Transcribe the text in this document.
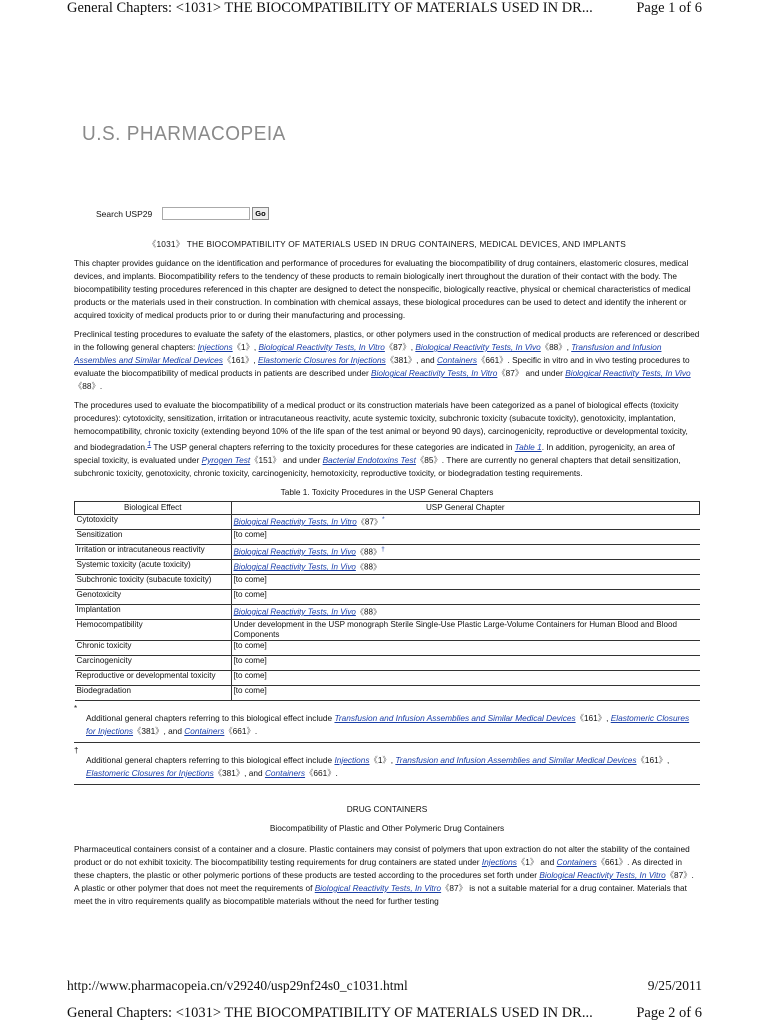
General Chapters: <1031> THE BIOCOMPATIBILITY OF MATERIALS USED IN DR...	Page 1 of 6
U.S. PHARMACOPEIA
Search USP29	Go
《1031》 THE BIOCOMPATIBILITY OF MATERIALS USED IN DRUG CONTAINERS, MEDICAL DEVICES, AND IMPLANTS

This chapter provides guidance on the identification and performance of procedures for evaluating the biocompatibility of drug containers, elastomeric closures, medical devices, and implants. Biocompatibility refers to the tendency of these products to remain biologically inert throughout the duration of their contact with the body. The biocompatibility testing procedures referenced in this chapter are designed to detect the nonspecific, biologically reactive, physical or chemical characteristics of medical products or the materials used in their construction. In combination with chemical assays, these biological procedures can be used to detect and identify the inherent or acquired toxicity of medical products prior to or during their manufacturing and processing.

Preclinical testing procedures to evaluate the safety of the elastomers, plastics, or other polymers used in the construction of medical products are referenced or described in the following general chapters: Injections《1》, Biological Reactivity Tests, In Vitro《87》, Biological Reactivity Tests, In Vivo《88》, Transfusion and Infusion Assemblies and Similar Medical Devices《161》, Elastomeric Closures for Injections《381》, and Containers《661》. Specific in vitro and in vivo testing procedures to evaluate the biocompatibility of medical products in patients are described under Biological Reactivity Tests, In Vitro《87》 and under Biological Reactivity Tests, In Vivo《88》.

The procedures used to evaluate the biocompatibility of a medical product or its construction materials have been categorized as a panel of biological effects (toxicity procedures): cytotoxicity, sensitization, irritation or intracutaneous reactivity, acute systemic toxicity, subchronic toxicity (subacute toxicity), genotoxicity, implantation, hemocompatibility, chronic toxicity (extending beyond 10% of the life span of the test animal or beyond 90 days), carcinogenicity, reproductive or developmental toxicity, and biodegradation.$^1$ The USP general chapters referring to the toxicity procedures for these categories are indicated in Table 1. In addition, pyrogenicity, an area of special toxicity, is evaluated under Pyrogen Test《151》 and under Bacterial Endotoxins Test《85》. There are currently no general chapters that detail sensitization, subchronic toxicity, genotoxicity, chronic toxicity, carcinogenicity, hemotoxicity, reproductive toxicity, or biodegradation testing requirements.

Table 1. Toxicity Procedures in the USP General Chapters
Biological Effect	USP General Chapter
Cytotoxicity	Biological Reactivity Tests, In Vitro《87》*
Sensitization	[to come]
Irritation or intracutaneous reactivity	Biological Reactivity Tests, In Vivo《88》†
Systemic toxicity (acute toxicity)	Biological Reactivity Tests, In Vivo《88》
Subchronic toxicity (subacute toxicity)	[to come]
Genotoxicity	[to come]
Implantation	Biological Reactivity Tests, In Vivo《88》
Hemocompatibility	Under development in the USP monograph Sterile Single-Use Plastic Large-Volume Containers for Human Blood and Blood Components
Chronic toxicity	[to come]
Carcinogenicity	[to come]
Reproductive or developmental toxicity	[to come]
Biodegradation	[to come]
*
Additional general chapters referring to this biological effect include Transfusion and Infusion Assemblies and Similar Medical Devices《161》, Elastomeric Closures for Injections《381》, and Containers《661》.
†
Additional general chapters referring to this biological effect include Injections《1》, Transfusion and Infusion Assemblies and Similar Medical Devices《161》, Elastomeric Closures for Injections《381》, and Containers《661》.
DRUG CONTAINERS
Biocompatibility of Plastic and Other Polymeric Drug Containers

Pharmaceutical containers consist of a container and a closure. Plastic containers may consist of polymers that upon extraction do not alter the stability of the contained product or do not exhibit toxicity. The biocompatibility testing requirements for drug containers are stated under Injections《1》 and Containers《661》. As directed in these chapters, the plastic or other polymeric portions of these products are tested according to the procedures set forth under Biological Reactivity Tests, In Vitro《87》. A plastic or other polymer that does not meet the requirements of Biological Reactivity Tests, In Vitro《87》 is not a suitable material for a drug container. Materials that meet the in vitro requirements qualify as biocompatible materials without the need for further testing

http://www.pharmacopeia.cn/v29240/usp29nf24s0_c1031.html	9/25/2011
General Chapters: <1031> THE BIOCOMPATIBILITY OF MATERIALS USED IN DR...	Page 2 of 6
